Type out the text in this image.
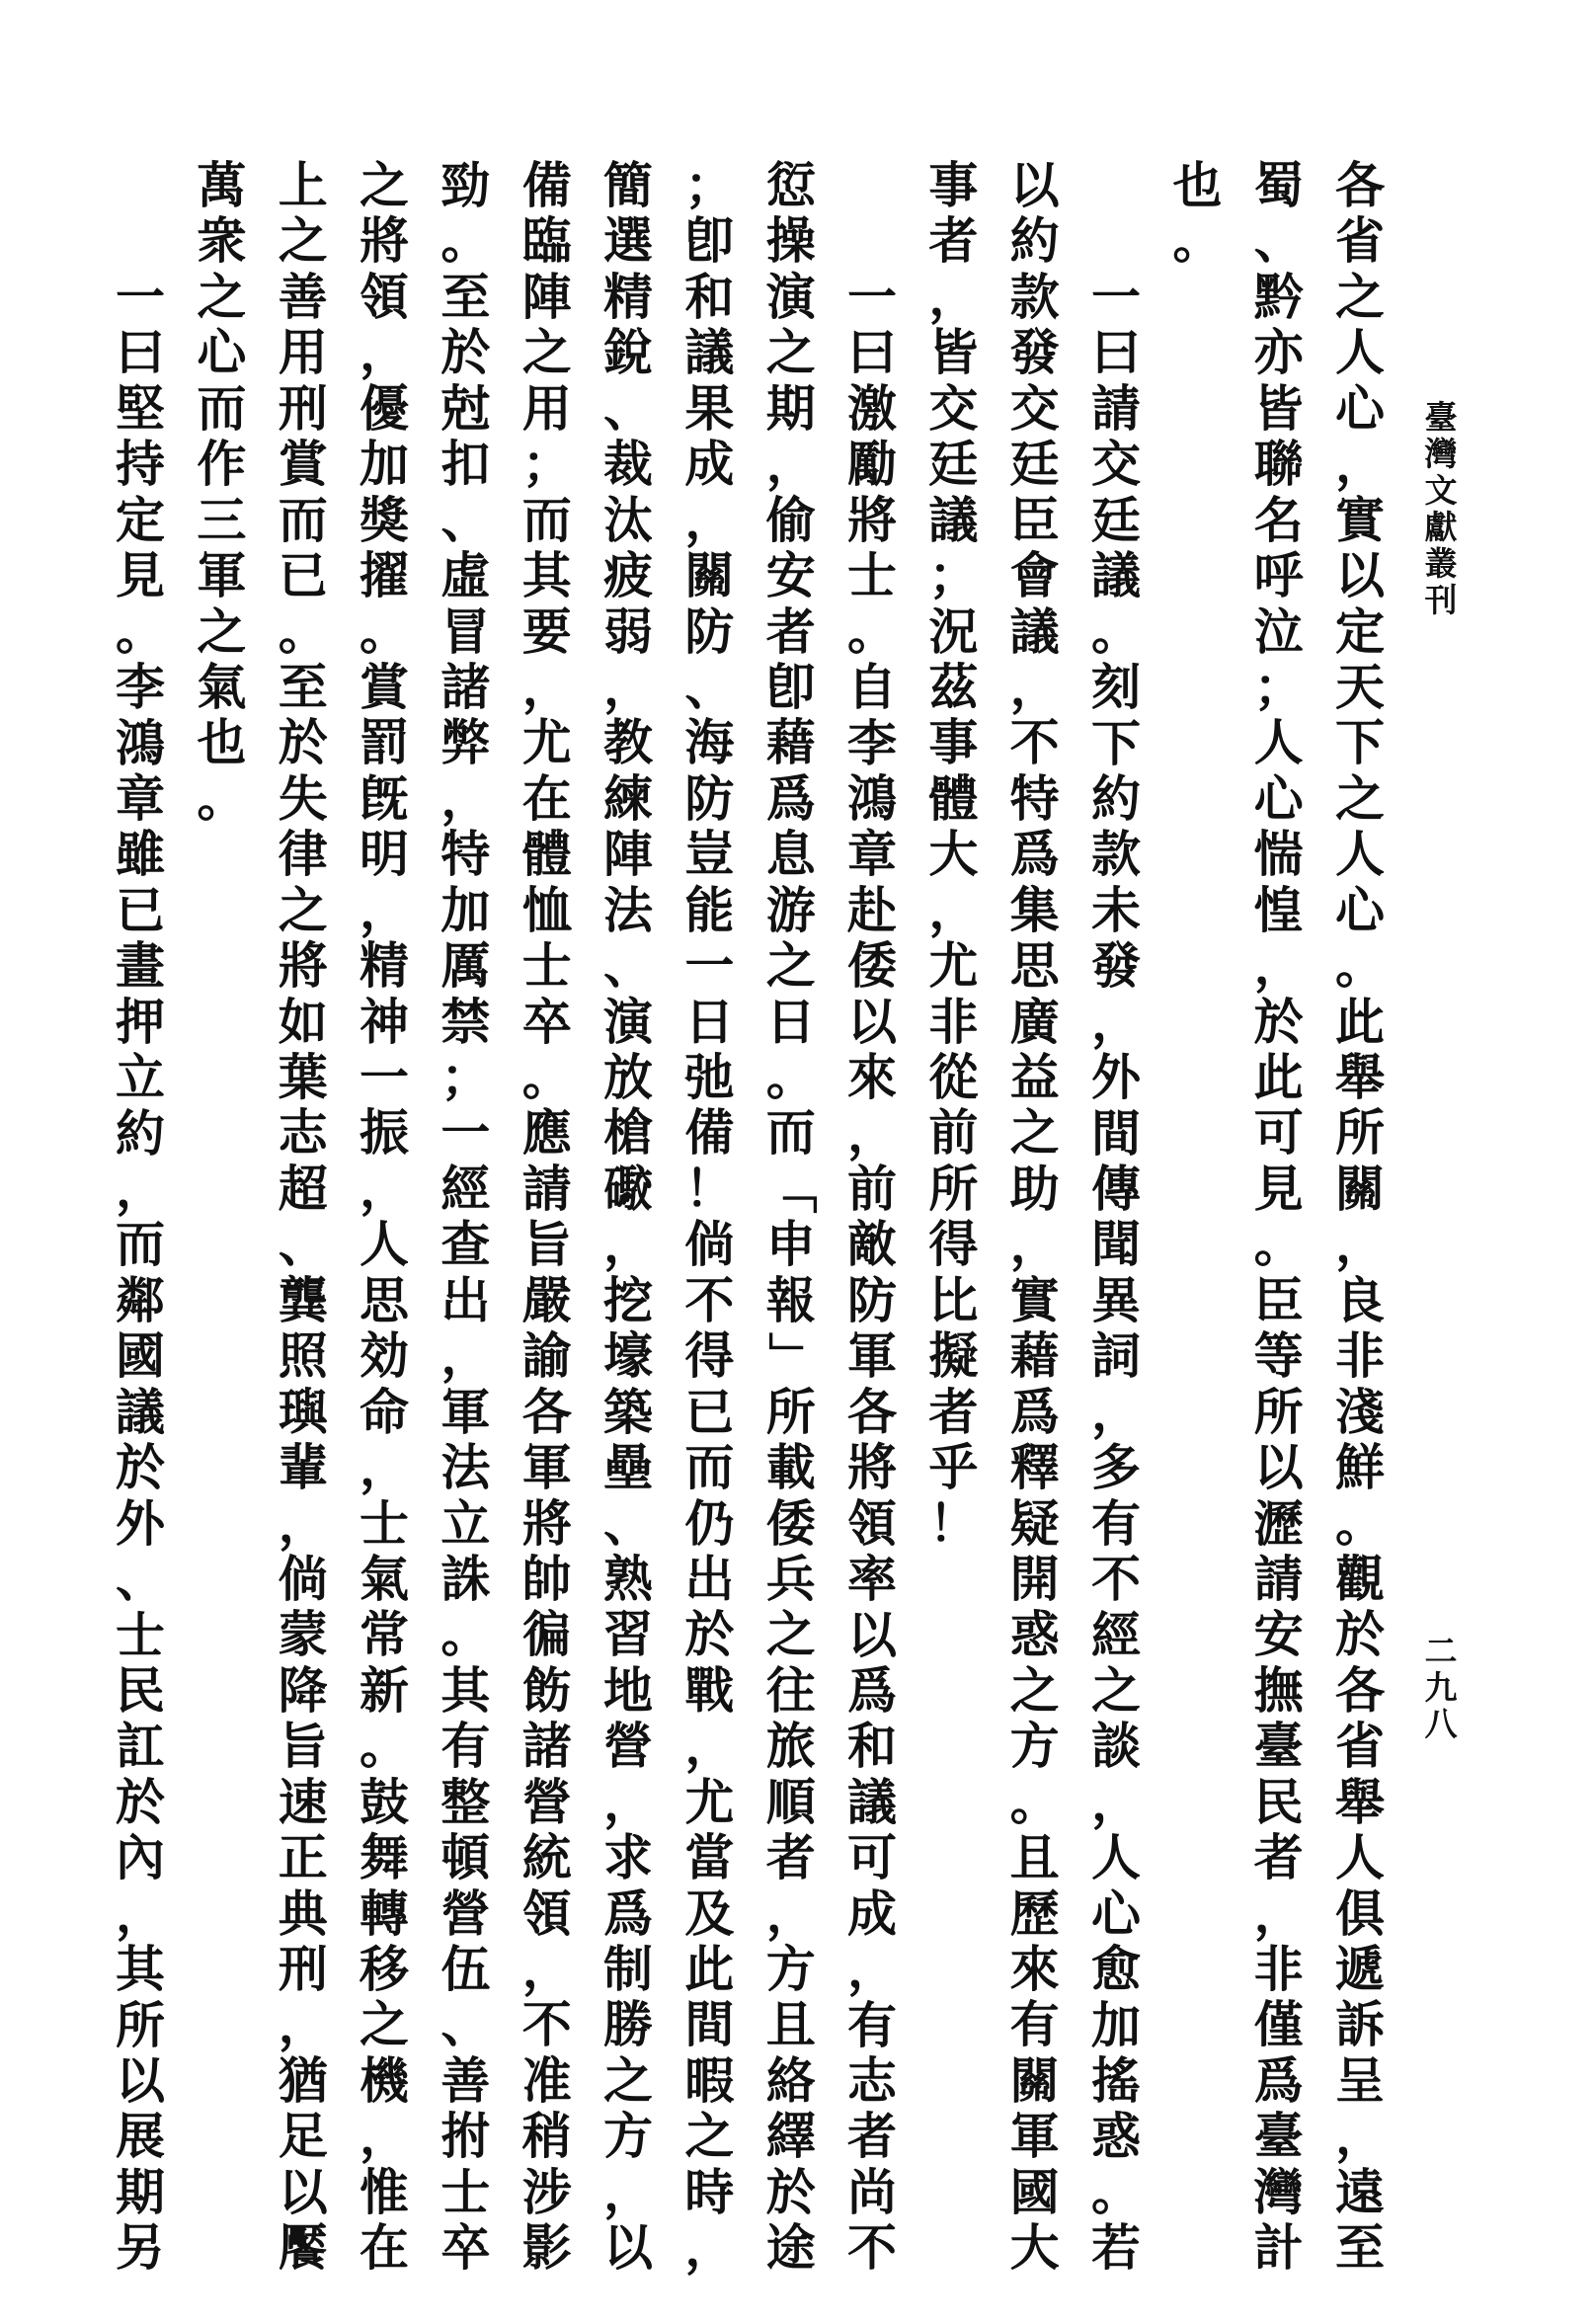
臺
灣
文
獻
叢
刊
二
九
八
各
省
之
人
心
，
實
以
定
天
下
之
人
心
。
此
舉
所
關
，
良
非
淺
鮮
。
觀
於
各
省
舉
人
俱
遞
訴
呈
，
遠
至
蜀
、
黔
亦
皆
聯
名
呼
泣
；
人
心
惴
惶
，
於
此
可
見
。
臣
等
所
以
瀝
請
安
撫
臺
民
者
，
非
僅
爲
臺
灣
計
也
。
一
曰
請
交
廷
議
。
刻
下
約
款
未
發
，
外
間
傳
聞
異
詞
，
多
有
不
經
之
談
，
人
心
愈
加
搖
惑
。
若
以
約
款
發
交
廷
臣
會
議
，
不
特
爲
集
思
廣
益
之
助
，
實
藉
爲
釋
疑
開
惑
之
方
。
且
歷
來
有
關
軍
國
大
事
者
，
皆
交
廷
議
；
況
茲
事
體
大
，
尤
非
從
前
所
得
比
擬
者
乎
！
一
曰
激
勵
將
士
。
自
李
鴻
章
赴
倭
以
來
，
前
敵
防
軍
各
將
領
率
以
爲
和
議
可
成
，
有
志
者
尚
不
愆
操
演
之
期
，
偷
安
者
卽
藉
爲
息
游
之
日
。
而
「
申
報
」
所
載
倭
兵
之
往
旅
順
者
，
方
且
絡
繹
於
途
；
卽
和
議
果
成
，
關
防
、
海
防
豈
能
一
日
弛
備
！
倘
不
得
已
而
仍
出
於
戰
，
尤
當
及
此
間
暇
之
時
，
簡
選
精
銳
、
裁
汰
疲
弱
，
教
練
陣
法
、
演
放
槍
礮
，
挖
壕
築
壘
、
熟
習
地
營
，
求
爲
制
勝
之
方
，
以
備
臨
陣
之
用
；
而
其
要
，
尤
在
體
恤
士
卒
。
應
請
旨
嚴
諭
各
軍
將
帥
徧
飭
諸
營
統
領
，
不
准
稍
涉
影
勁
。
至
於
尅
扣
、
虛
冒
諸
弊
，
特
加
厲
禁
；
一
經
查
出
，
軍
法
立
誅
。
其
有
整
頓
營
伍
、
善
拊
士
卒
之
將
領
，
優
加
獎
擢
。
賞
罰
旣
明
，
精
神
一
振
，
人
思
効
命
，
士
氣
常
新
。
鼓
舞
轉
移
之
機
，
惟
在
上
之
善
用
刑
賞
而
已
。
至
於
失
律
之
將
如
葉
志
超
、
龔
照
璵
輩
，
倘
蒙
降
旨
速
正
典
刑
，
猶
足
以
饜
萬
衆
之
心
而
作
三
軍
之
氣
也
。
一
曰
堅
持
定
見
。
李
鴻
章
雖
已
畫
押
立
約
，
而
鄰
國
議
於
外
、
士
民
訌
於
內
，
其
所
以
展
期
另
